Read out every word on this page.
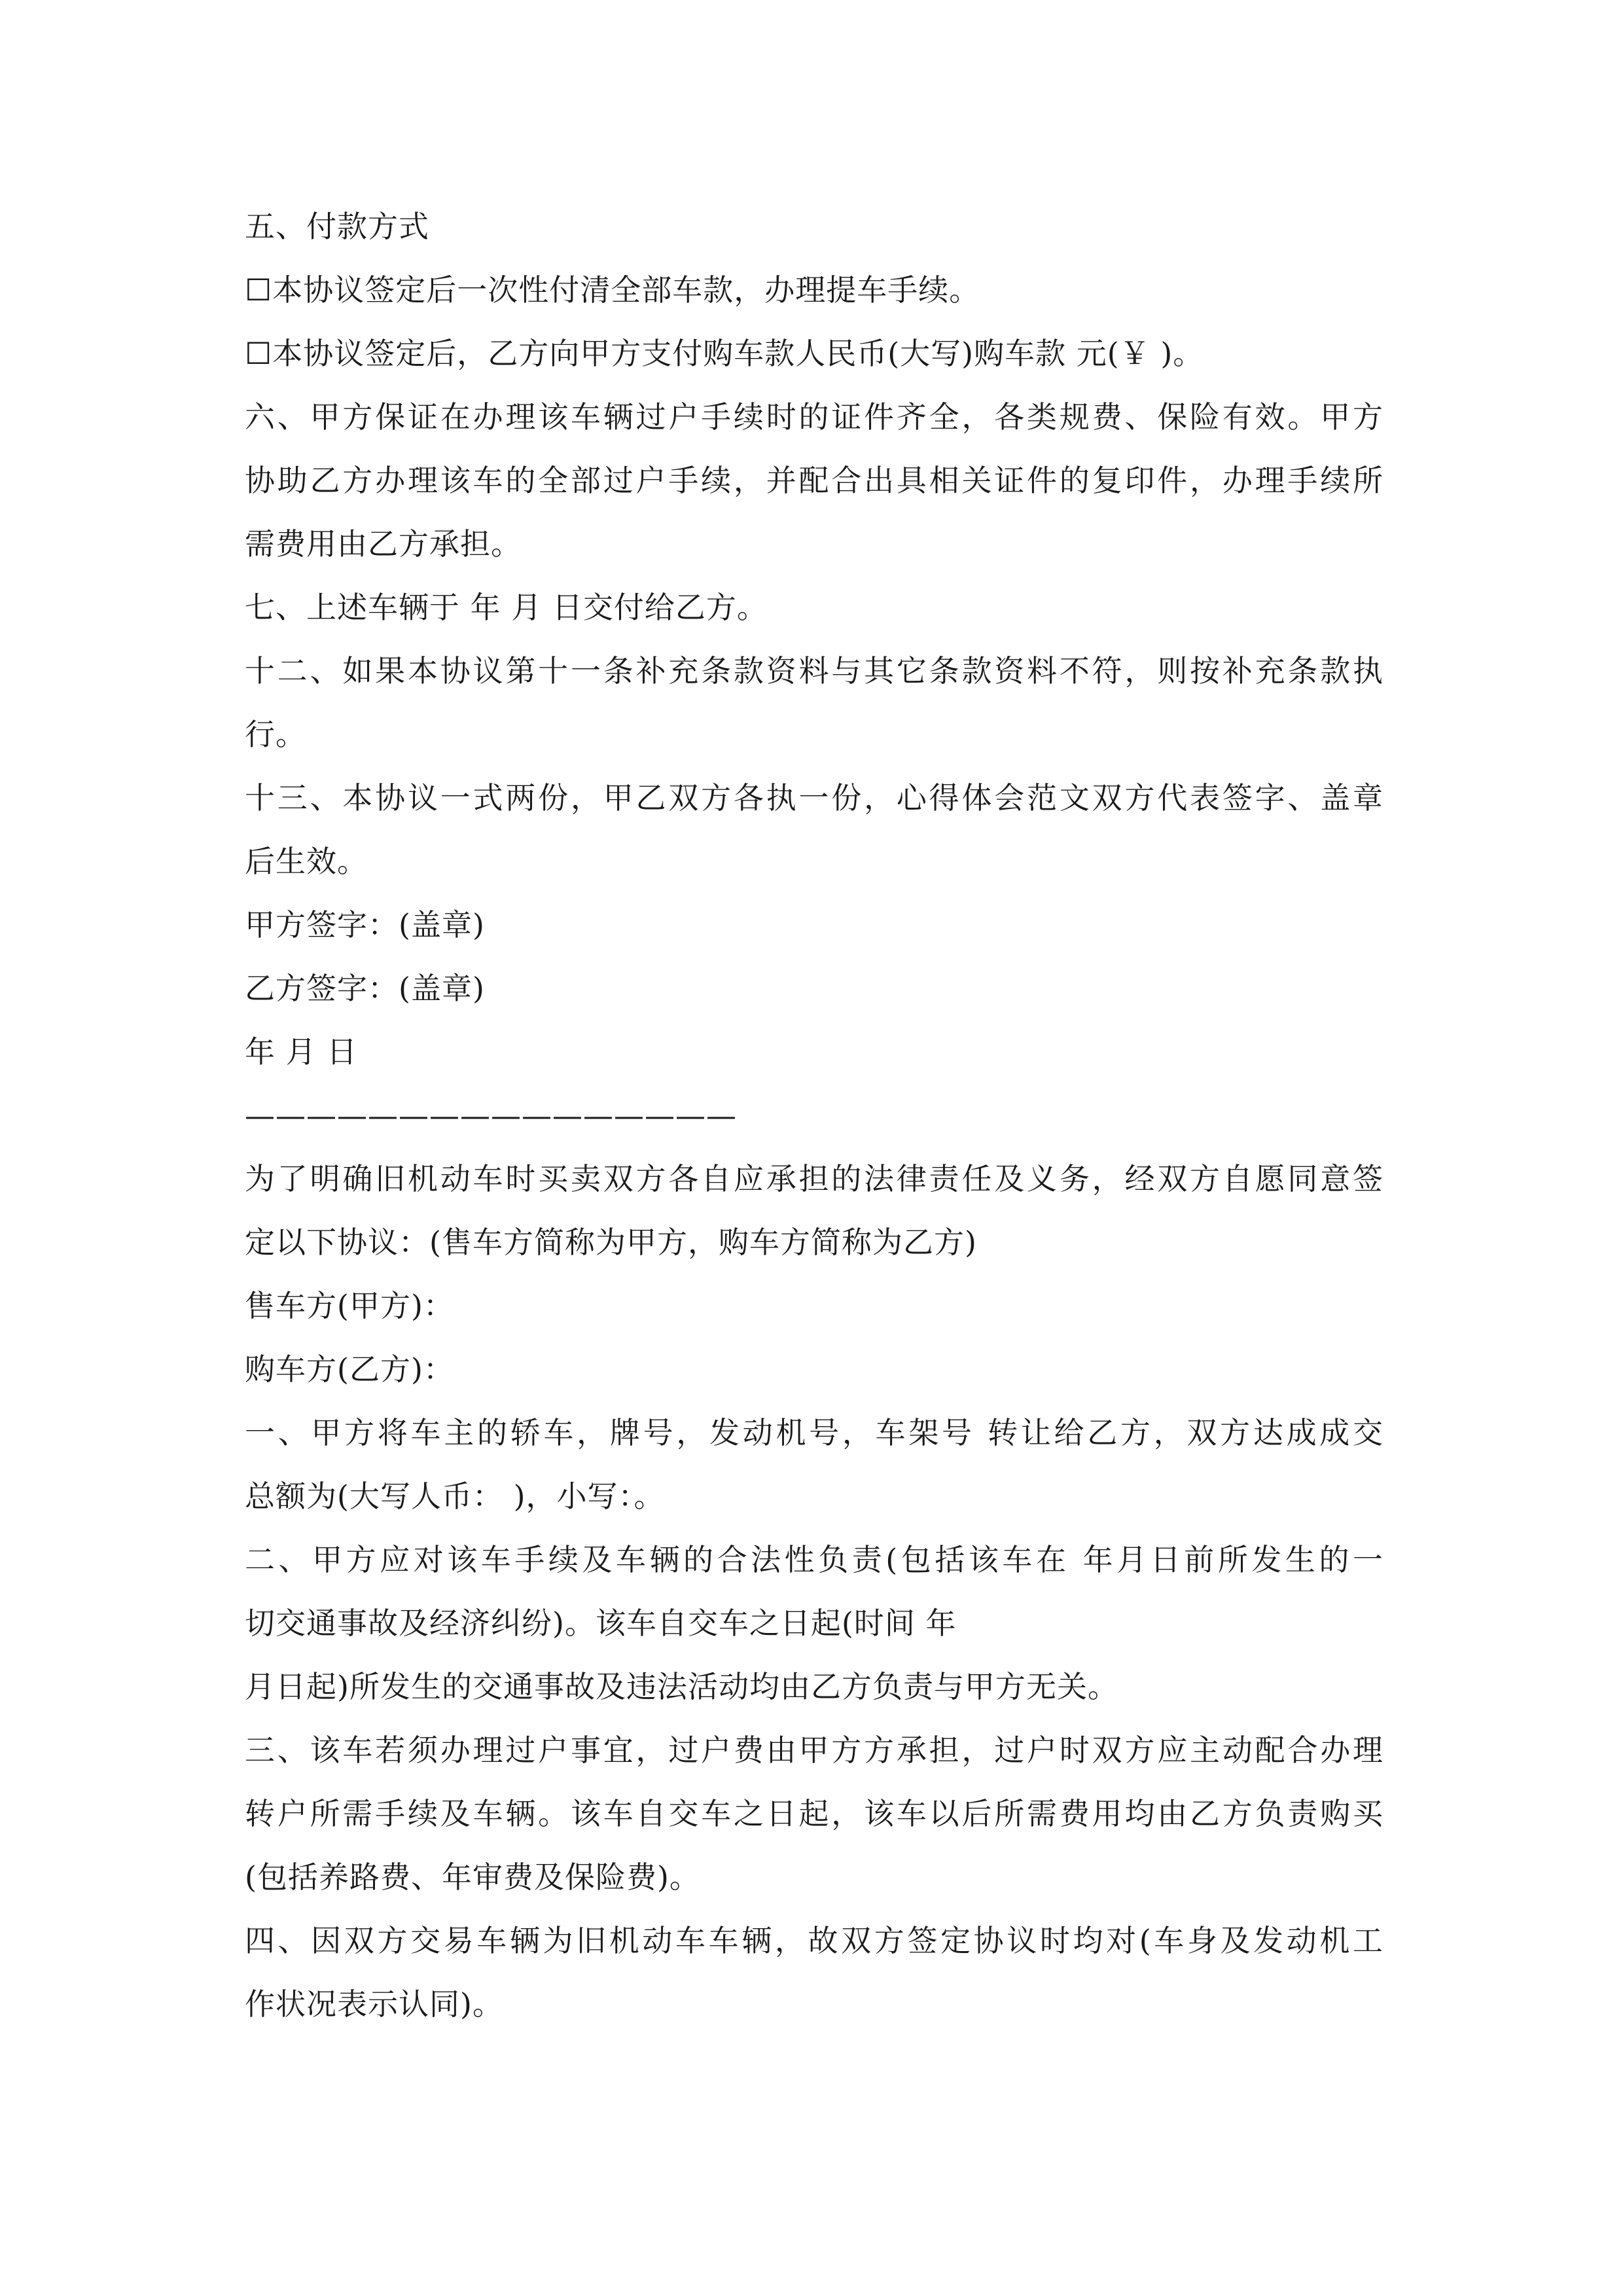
五、付款方式
☐本协议签定后一次性付清全部车款，办理提车手续。
☐本协议签定后，乙方向甲方支付购车款人民币(大写)购车款 元(￥ )。
六、甲方保证在办理该车辆过户手续时的证件齐全，各类规费、保险有效。甲方
协助乙方办理该车的全部过户手续，并配合出具相关证件的复印件，办理手续所
需费用由乙方承担。
七、上述车辆于 年 月 日交付给乙方。
十二、如果本协议第十一条补充条款资料与其它条款资料不符，则按补充条款执
行。
十三、本协议一式两份，甲乙双方各执一份，心得体会范文双方代表签字、盖章
后生效。
甲方签字：(盖章)
乙方签字：(盖章)
年 月 日
————————————————
为了明确旧机动车时买卖双方各自应承担的法律责任及义务，经双方自愿同意签
定以下协议：(售车方简称为甲方，购车方简称为乙方)
售车方(甲方)：
购车方(乙方)：
一、甲方将车主的轿车，牌号，发动机号，车架号 转让给乙方，双方达成成交
总额为(大写人币： )，小写：。
二、甲方应对该车手续及车辆的合法性负责(包括该车在 年月日前所发生的一
切交通事故及经济纠纷)。该车自交车之日起(时间 年
月日起)所发生的交通事故及违法活动均由乙方负责与甲方无关。
三、该车若须办理过户事宜，过户费由甲方方承担，过户时双方应主动配合办理
转户所需手续及车辆。该车自交车之日起，该车以后所需费用均由乙方负责购买
(包括养路费、年审费及保险费)。
四、因双方交易车辆为旧机动车车辆，故双方签定协议时均对(车身及发动机工
作状况表示认同)。
